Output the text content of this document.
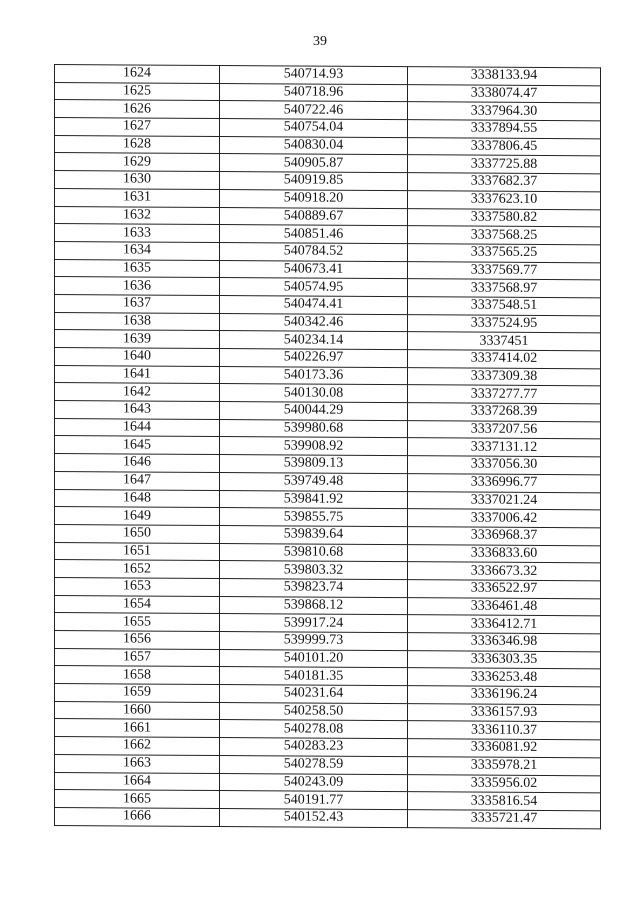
39
1624	540714.93	3338133.94
1625	540718.96	3338074.47
1626	540722.46	3337964.30
1627	540754.04	3337894.55
1628	540830.04	3337806.45
1629	540905.87	3337725.88
1630	540919.85	3337682.37
1631	540918.20	3337623.10
1632	540889.67	3337580.82
1633	540851.46	3337568.25
1634	540784.52	3337565.25
1635	540673.41	3337569.77
1636	540574.95	3337568.97
1637	540474.41	3337548.51
1638	540342.46	3337524.95
1639	540234.14	3337451
1640	540226.97	3337414.02
1641	540173.36	3337309.38
1642	540130.08	3337277.77
1643	540044.29	3337268.39
1644	539980.68	3337207.56
1645	539908.92	3337131.12
1646	539809.13	3337056.30
1647	539749.48	3336996.77
1648	539841.92	3337021.24
1649	539855.75	3337006.42
1650	539839.64	3336968.37
1651	539810.68	3336833.60
1652	539803.32	3336673.32
1653	539823.74	3336522.97
1654	539868.12	3336461.48
1655	539917.24	3336412.71
1656	539999.73	3336346.98
1657	540101.20	3336303.35
1658	540181.35	3336253.48
1659	540231.64	3336196.24
1660	540258.50	3336157.93
1661	540278.08	3336110.37
1662	540283.23	3336081.92
1663	540278.59	3335978.21
1664	540243.09	3335956.02
1665	540191.77	3335816.54
1666	540152.43	3335721.47
